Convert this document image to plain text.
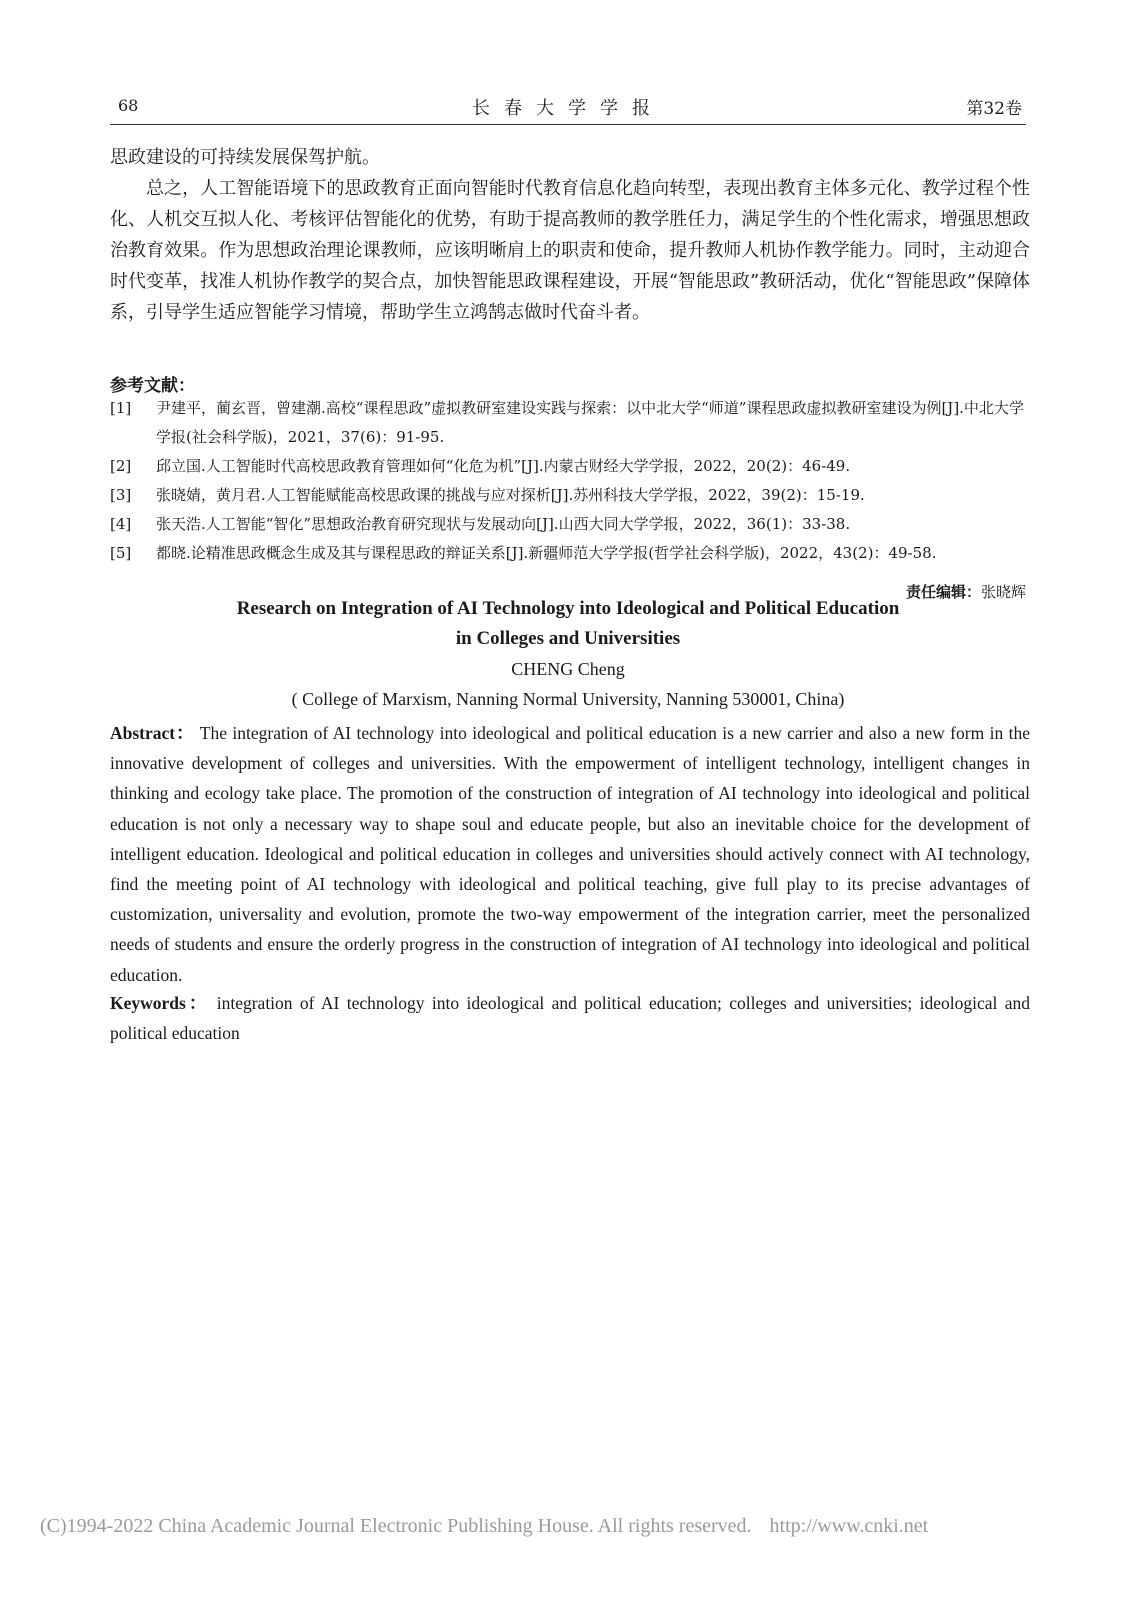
68	长春大学学报	第32卷

思政建设的可持续发展保驾护航。

总之，人工智能语境下的思政教育正面向智能时代教育信息化趋向转型，表现出教育主体多元化、教学过程个性化、人机交互拟人化、考核评估智能化的优势，有助于提高教师的教学胜任力，满足学生的个性化需求，增强思想政治教育效果。作为思想政治理论课教师，应该明晰肩上的职责和使命，提升教师人机协作教学能力。同时，主动迎合时代变革，找准人机协作教学的契合点，加快智能思政课程建设，开展“智能思政”教研活动，优化“智能思政”保障体系，引导学生适应智能学习情境，帮助学生立鸿鹄志做时代奋斗者。

参考文献：
[1] 尹建平，蔺玄晋，曾建潮.高校“课程思政”虚拟教研室建设实践与探索：以中北大学“师道”课程思政虚拟教研室建设为例[J].中北大学学报(社会科学版)，2021，37(6)：91-95.
[2] 邱立国.人工智能时代高校思政教育管理如何“化危为机”[J].内蒙古财经大学学报，2022，20(2)：46-49.
[3] 张晓婧，黄月君.人工智能赋能高校思政课的挑战与应对探析[J].苏州科技大学学报，2022，39(2)：15-19.
[4] 张天浩.人工智能“智化”思想政治教育研究现状与发展动向[J].山西大同大学学报，2022，36(1)：33-38.
[5] 都晓.论精准思政概念生成及其与课程思政的辩证关系[J].新疆师范大学学报(哲学社会科学版)，2022，43(2)：49-58.
责任编辑：张晓辉
Research on Integration of AI Technology into Ideological and Political Education
in Colleges and Universities
CHENG Cheng
( College of Marxism, Nanning Normal University, Nanning 530001, China)

Abstract： The integration of AI technology into ideological and political education is a new carrier and also a new form in the innovative development of colleges and universities. With the empowerment of intelligent technology, intelligent changes in thinking and ecology take place. The promotion of the construction of integration of AI technology into ideological and political education is not only a necessary way to shape soul and educate people, but also an inevitable choice for the development of intelligent education. Ideological and political education in colleges and universities should actively connect with AI technology, find the meeting point of AI technology with ideological and political teaching, give full play to its precise advantages of customization, universality and evolution, promote the two-way empowerment of the integration carrier, meet the personalized needs of students and ensure the orderly progress in the construction of integration of AI technology into ideological and political education.

Keywords： integration of AI technology into ideological and political education; colleges and universities; ideological and political education

(C)1994-2022 China Academic Journal Electronic Publishing House. All rights reserved. http://www.cnki.net
